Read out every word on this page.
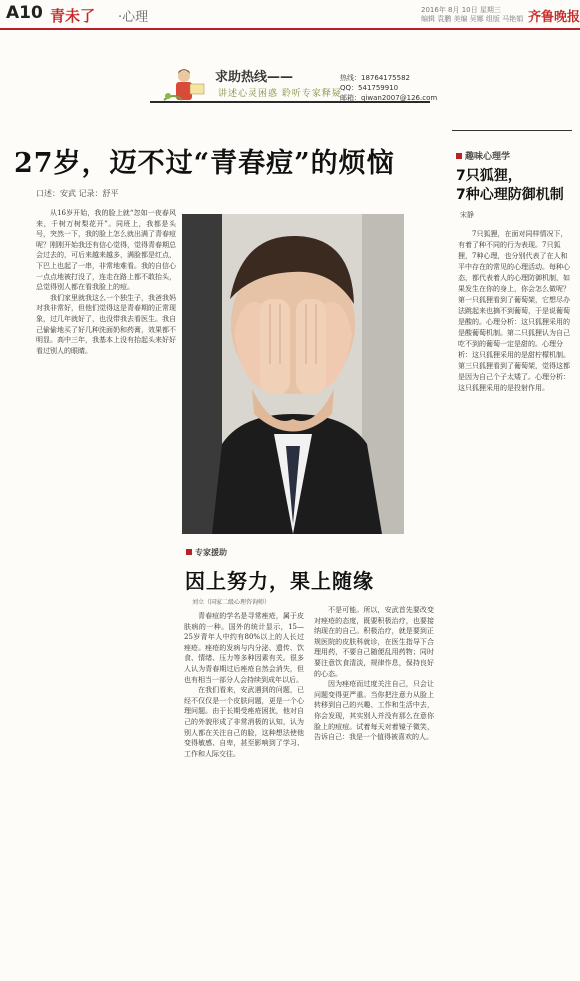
A10 青未了 ·心理	2016年 8月 10日 星期三
编辑 袁鹏 美编 吴娜 组版 马艳娟 齐鲁晚报
求助热线——
讲述心灵困惑 聆听专家释疑
热线：18764175582
QQ：541759910
邮箱：qiwan2007@126.com
27岁，迈不过“青春痘”的烦恼
口述：安武 记录：舒平
趣味心理学
7只狐狸，
7种心理防御机制
宋静
7只狐狸，在面对同样情况下，有着了种不同的行为表现。7只狐狸，7种心理，也分别代表了在人和平中存在的常见的心理活动。每种心态，都代表着人的心理防御机制，如果发生在你的身上，你会怎么做呢？第一只狐狸看到了葡萄架，它想尽办法跳起来也摘不到葡萄，于是说葡萄是酸的。心理分析：这只狐狸采用的是酸葡萄机制。第二只狐狸认为自己吃不到的葡萄一定是甜的。心理分析：这只狐狸采用的是甜柠檬机制。第三只狐狸看到了葡萄架，觉得这都是因为自己个子太矮了。心理分析：这只狐狸采用的是投射作用。

从16岁开始，我的脸上就“忽如一夜春风来，千树万树梨花开”。同班上，我都是头号，突然一下，我的脸上怎么就出满了青春痘呢？刚刚开始我还有信心觉得，觉得青春期总会过去的，可后来越来越多，满脸都是红点，下巴上也起了一串，非常地难看。我的自信心一点点地被打没了，连走在路上都不敢抬头，总觉得别人都在看我脸上的痘。

我们家里就我这么一个独生子，我爸我妈对我非常好，但他们觉得这是青春期的正常现象，过几年就好了，也没带我去看医生。我自己偷偷地买了好几种洗面奶和药膏，效果都不明显。高中三年，我基本上没有抬起头来好好看过别人的眼睛。

青春痘的学名是寻常痤疮，属于皮肤病的一种。国外的统计显示，15—25岁青年人中约有80%以上的人长过痤疮。痤疮的发病与内分泌、遗传、饮食、情绪、压力等多种因素有关。很多人认为青春期过后痤疮自然会消失，但也有相当一部分人会持续到成年以后。

在我们看来，安武遇到的问题，已经不仅仅是一个皮肤问题，更是一个心理问题。由于长期受痤疮困扰，他对自己的外貌形成了非常消极的认知，认为别人都在关注自己的脸，这种想法使他变得敏感、自卑，甚至影响到了学习、工作和人际交往。

不是可能。所以，安武首先要改变对痤疮的态度，既要积极治疗，也要接纳现在的自己。积极治疗，就是要到正规医院的皮肤科就诊，在医生指导下合理用药，不要自己随便乱用药物；同时要注意饮食清淡，规律作息，保持良好的心态。

因为痤疮而过度关注自己，只会让问题变得更严重。当你把注意力从脸上转移到自己的兴趣、工作和生活中去，你会发现，其实别人并没有那么在意你脸上的痘痘。试着每天对着镜子微笑，告诉自己：我是一个值得被喜欢的人。

专家援助
因上努力，果上随缘
刘立（国家二级心理咨询师）
